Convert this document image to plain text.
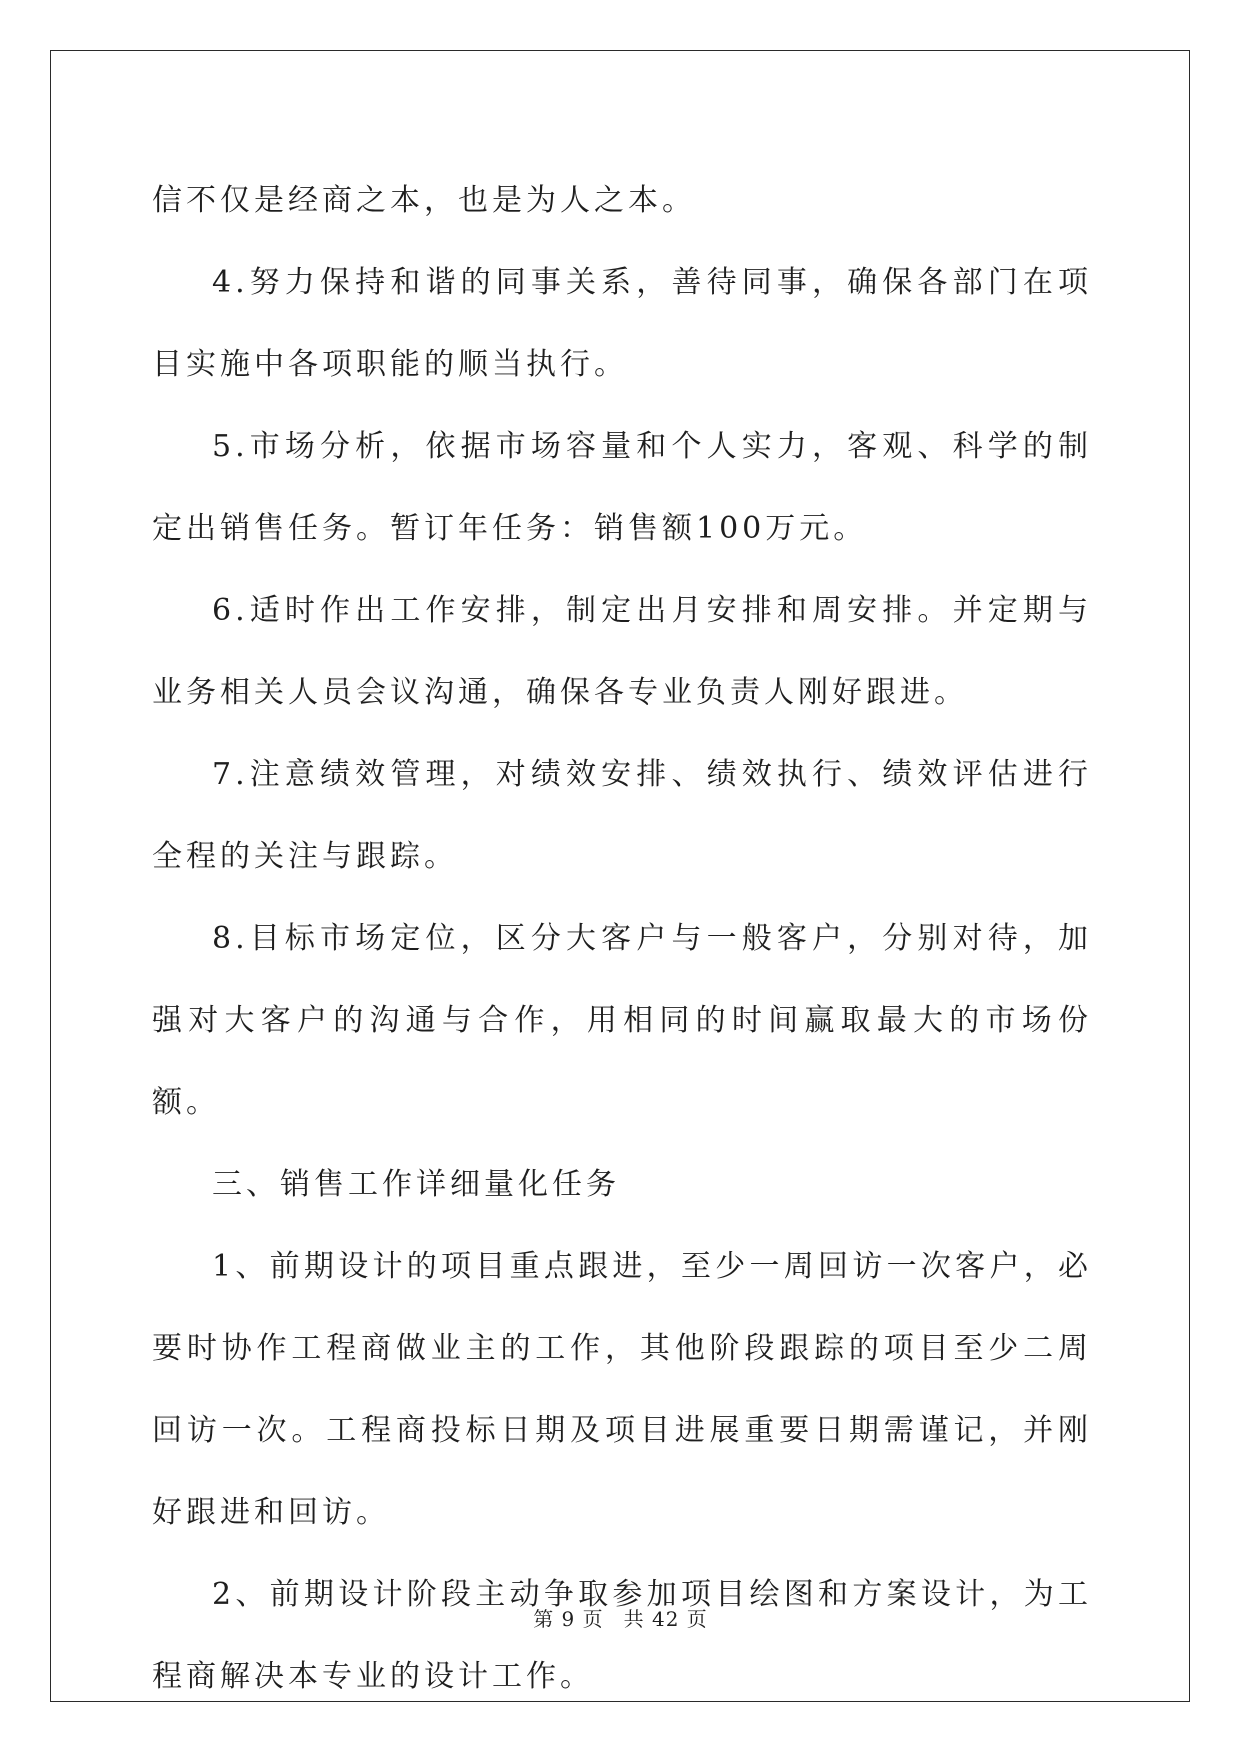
信不仅是经商之本，也是为人之本。

4.努力保持和谐的同事关系，善待同事，确保各部门在项目实施中各项职能的顺当执行。

5.市场分析，依据市场容量和个人实力，客观、科学的制定出销售任务。暂订年任务：销售额100万元。

6.适时作出工作安排，制定出月安排和周安排。并定期与业务相关人员会议沟通，确保各专业负责人刚好跟进。

7.注意绩效管理，对绩效安排、绩效执行、绩效评估进行全程的关注与跟踪。

8.目标市场定位，区分大客户与一般客户，分别对待，加强对大客户的沟通与合作，用相同的时间赢取最大的市场份额。

三、销售工作详细量化任务

1、前期设计的项目重点跟进，至少一周回访一次客户，必要时协作工程商做业主的工作，其他阶段跟踪的项目至少二周回访一次。工程商投标日期及项目进展重要日期需谨记，并刚好跟进和回访。

2、前期设计阶段主动争取参加项目绘图和方案设计，为工程商解决本专业的设计工作。

第 9 页 共 42 页
